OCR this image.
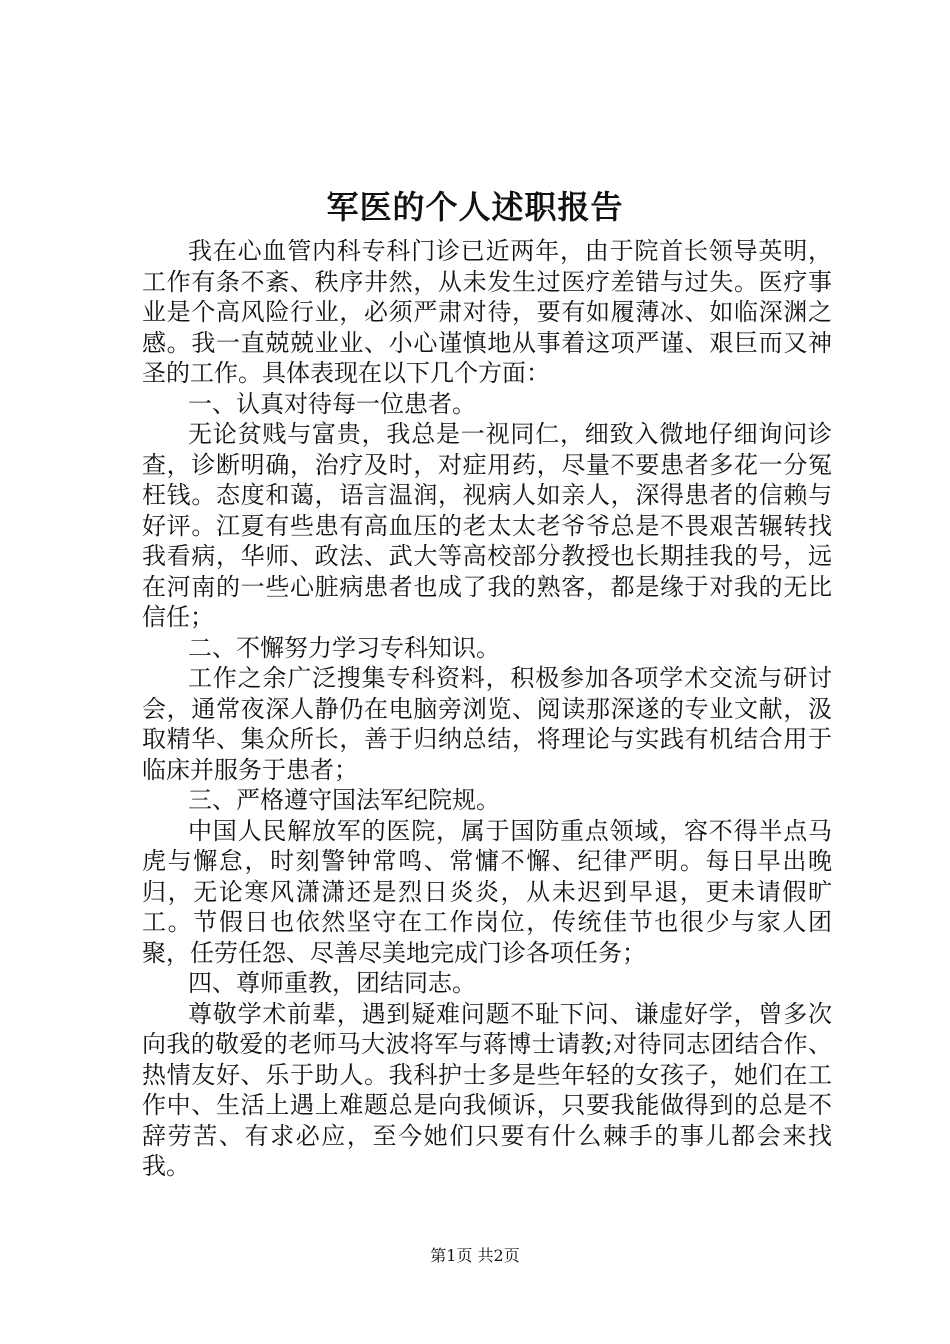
军医的个人述职报告

我在心血管内科专科门诊已近两年，由于院首长领导英明，工作有条不紊、秩序井然，从未发生过医疗差错与过失。医疗事业是个高风险行业，必须严肃对待，要有如履薄冰、如临深渊之感。我一直兢兢业业、小心谨慎地从事着这项严谨、艰巨而又神圣的工作。具体表现在以下几个方面：

一、认真对待每一位患者。

无论贫贱与富贵，我总是一视同仁，细致入微地仔细询问诊查，诊断明确，治疗及时，对症用药，尽量不要患者多花一分冤枉钱。态度和蔼，语言温润，视病人如亲人，深得患者的信赖与好评。江夏有些患有高血压的老太太老爷爷总是不畏艰苦辗转找我看病，华师、政法、武大等高校部分教授也长期挂我的号，远在河南的一些心脏病患者也成了我的熟客，都是缘于对我的无比信任；

二、不懈努力学习专科知识。

工作之余广泛搜集专科资料，积极参加各项学术交流与研讨会，通常夜深人静仍在电脑旁浏览、阅读那深遂的专业文献，汲取精华、集众所长，善于归纳总结，将理论与实践有机结合用于临床并服务于患者；

三、严格遵守国法军纪院规。

中国人民解放军的医院，属于国防重点领域，容不得半点马虎与懈怠，时刻警钟常鸣、常慵不懈、纪律严明。每日早出晚归，无论寒风潇潇还是烈日炎炎，从未迟到早退，更未请假旷工。节假日也依然坚守在工作岗位，传统佳节也很少与家人团聚，任劳任怨、尽善尽美地完成门诊各项任务；

四、尊师重教，团结同志。

尊敬学术前辈，遇到疑难问题不耻下问、谦虚好学，曾多次向我的敬爱的老师马大波将军与蒋博士请教;对待同志团结合作、热情友好、乐于助人。我科护士多是些年轻的女孩子，她们在工作中、生活上遇上难题总是向我倾诉，只要我能做得到的总是不辞劳苦、有求必应，至今她们只要有什么棘手的事儿都会来找我。

第1页 共2页
